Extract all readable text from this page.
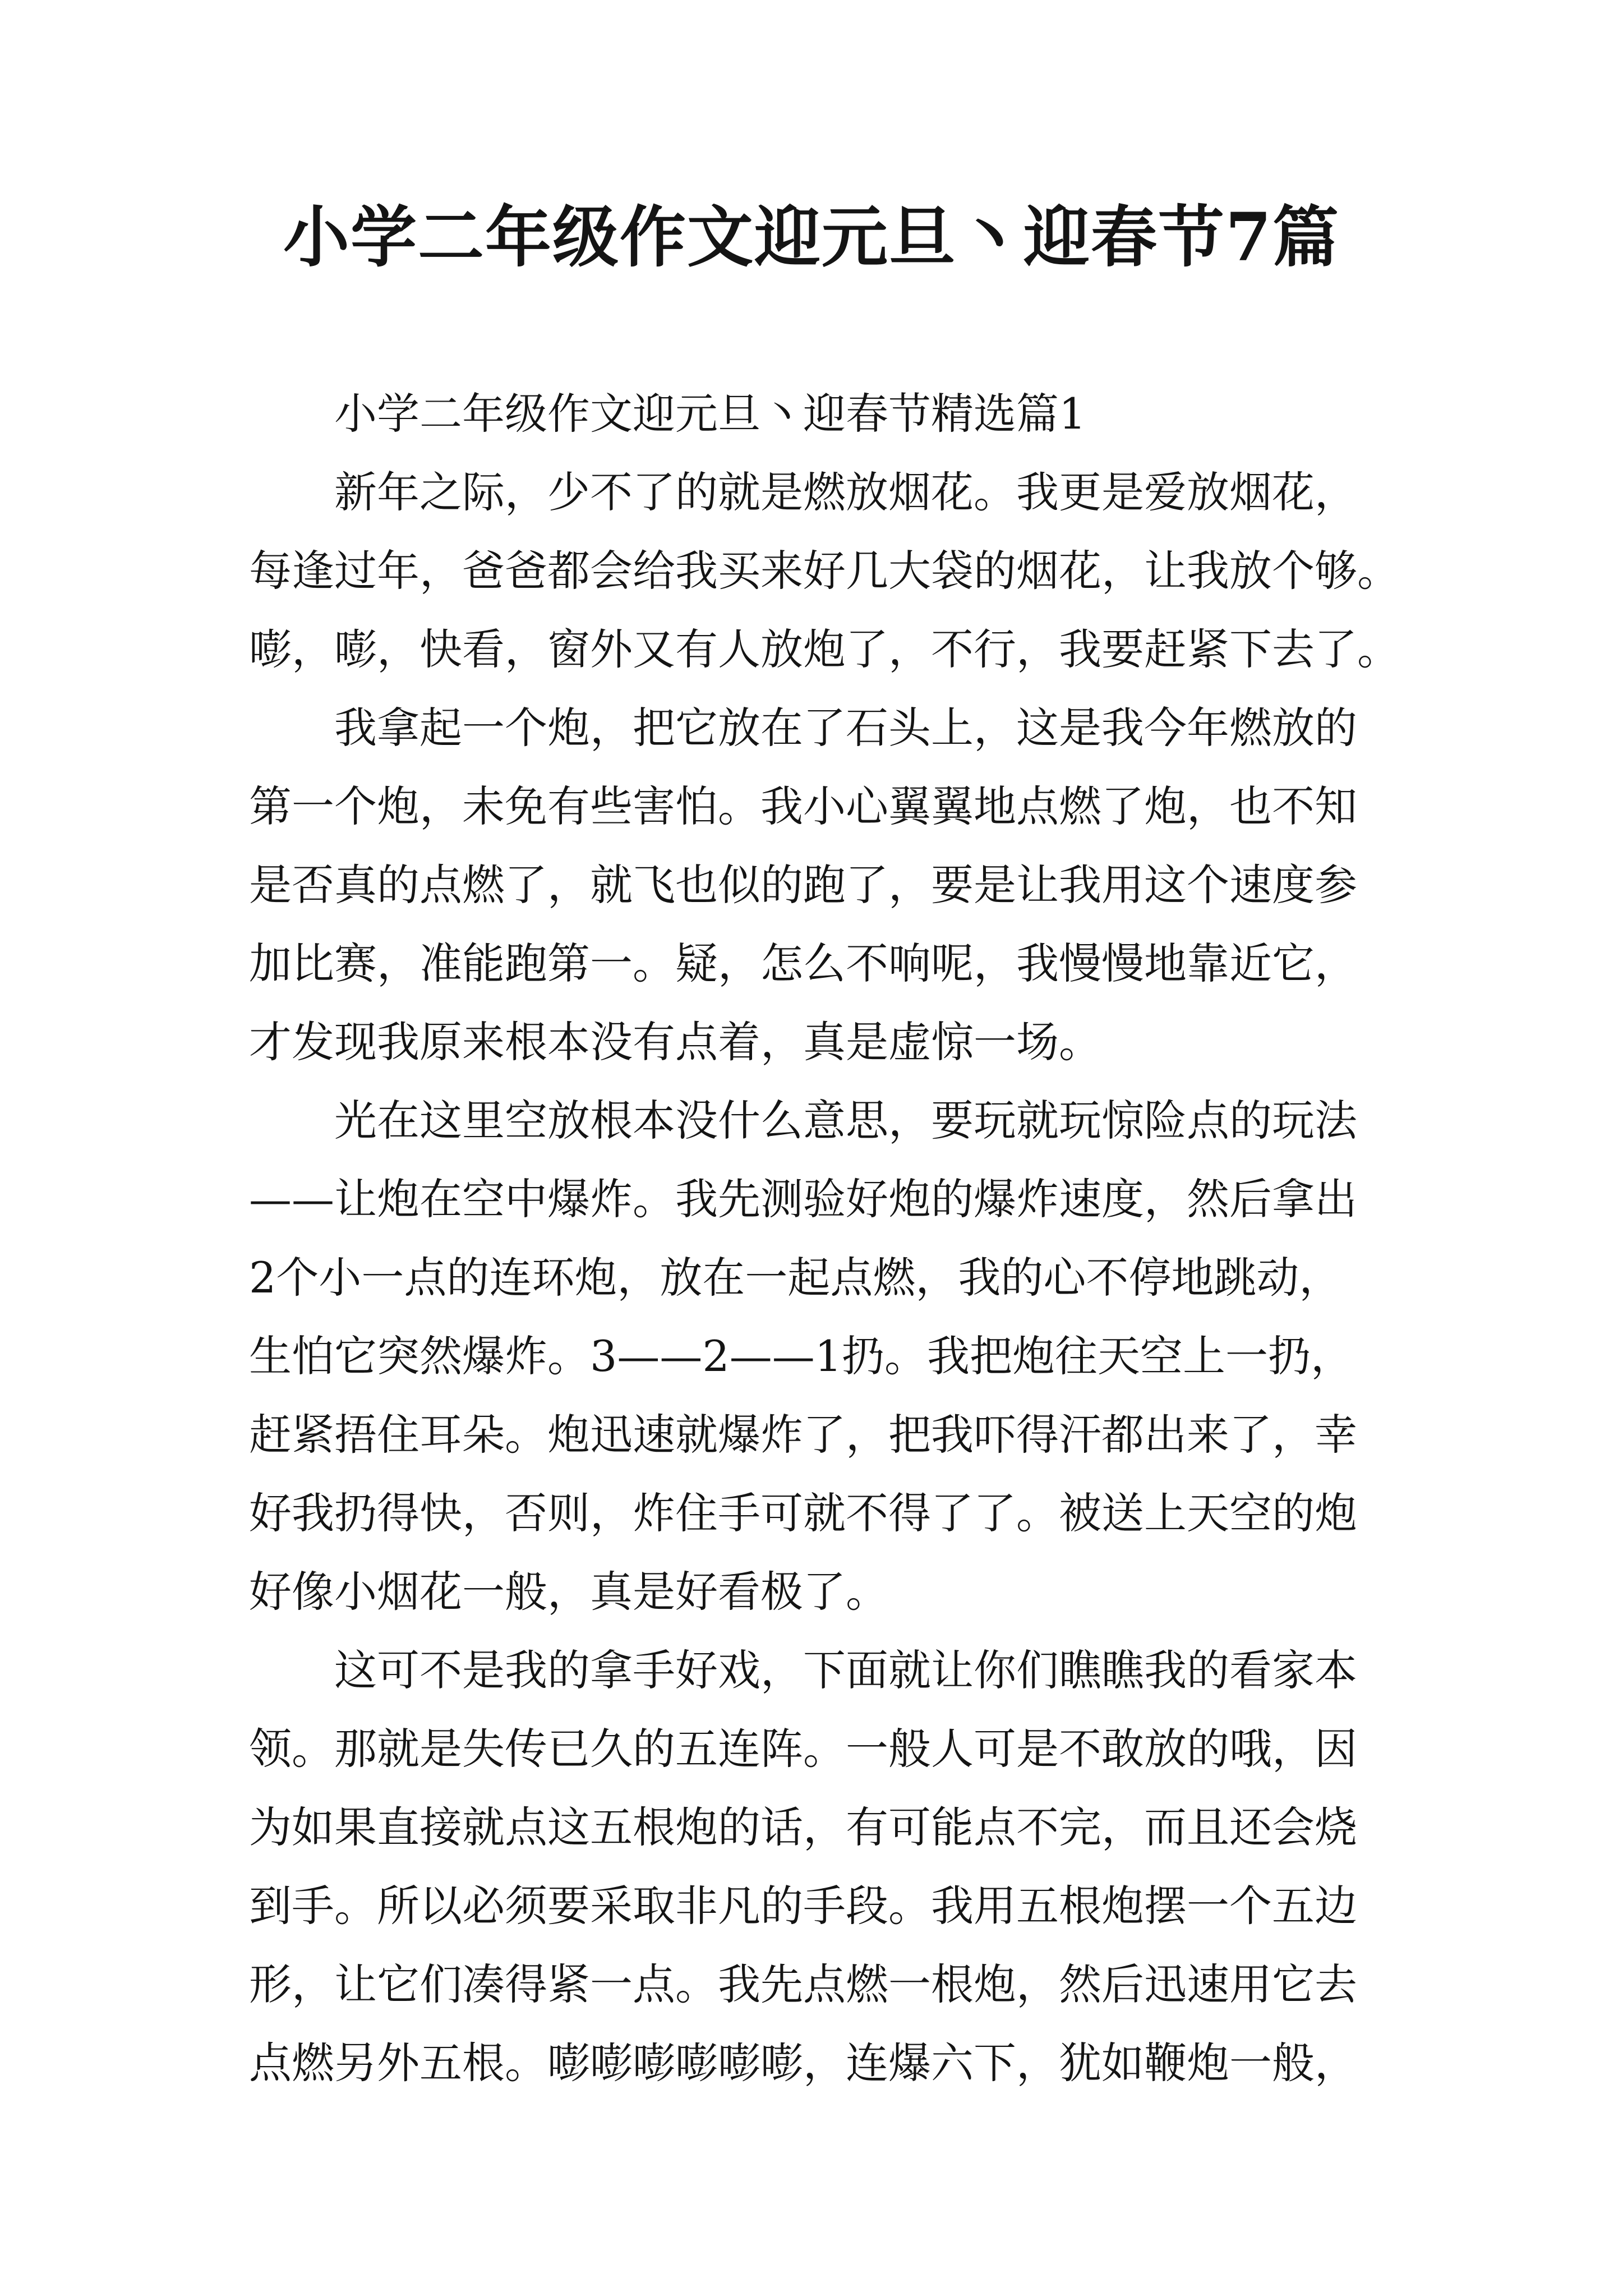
小学二年级作文迎元旦丶迎春节7篇
小学二年级作文迎元旦丶迎春节精选篇1
新年之际，少不了的就是燃放烟花。我更是爱放烟花，
每逢过年，爸爸都会给我买来好几大袋的烟花，让我放个够。
嘭，嘭，快看，窗外又有人放炮了，不行，我要赶紧下去了。
我拿起一个炮，把它放在了石头上，这是我今年燃放的
第一个炮，未免有些害怕。我小心翼翼地点燃了炮，也不知
是否真的点燃了，就飞也似的跑了，要是让我用这个速度参
加比赛，准能跑第一。疑，怎么不响呢，我慢慢地靠近它，
才发现我原来根本没有点着，真是虚惊一场。
光在这里空放根本没什么意思，要玩就玩惊险点的玩法
——让炮在空中爆炸。我先测验好炮的爆炸速度，然后拿出
2个小一点的连环炮，放在一起点燃，我的心不停地跳动，
生怕它突然爆炸。3——2——1扔。我把炮往天空上一扔，
赶紧捂住耳朵。炮迅速就爆炸了，把我吓得汗都出来了，幸
好我扔得快，否则，炸住手可就不得了了。被送上天空的炮
好像小烟花一般，真是好看极了。
这可不是我的拿手好戏，下面就让你们瞧瞧我的看家本
领。那就是失传已久的五连阵。一般人可是不敢放的哦，因
为如果直接就点这五根炮的话，有可能点不完，而且还会烧
到手。所以必须要采取非凡的手段。我用五根炮摆一个五边
形，让它们凑得紧一点。我先点燃一根炮，然后迅速用它去
点燃另外五根。嘭嘭嘭嘭嘭嘭，连爆六下，犹如鞭炮一般，
